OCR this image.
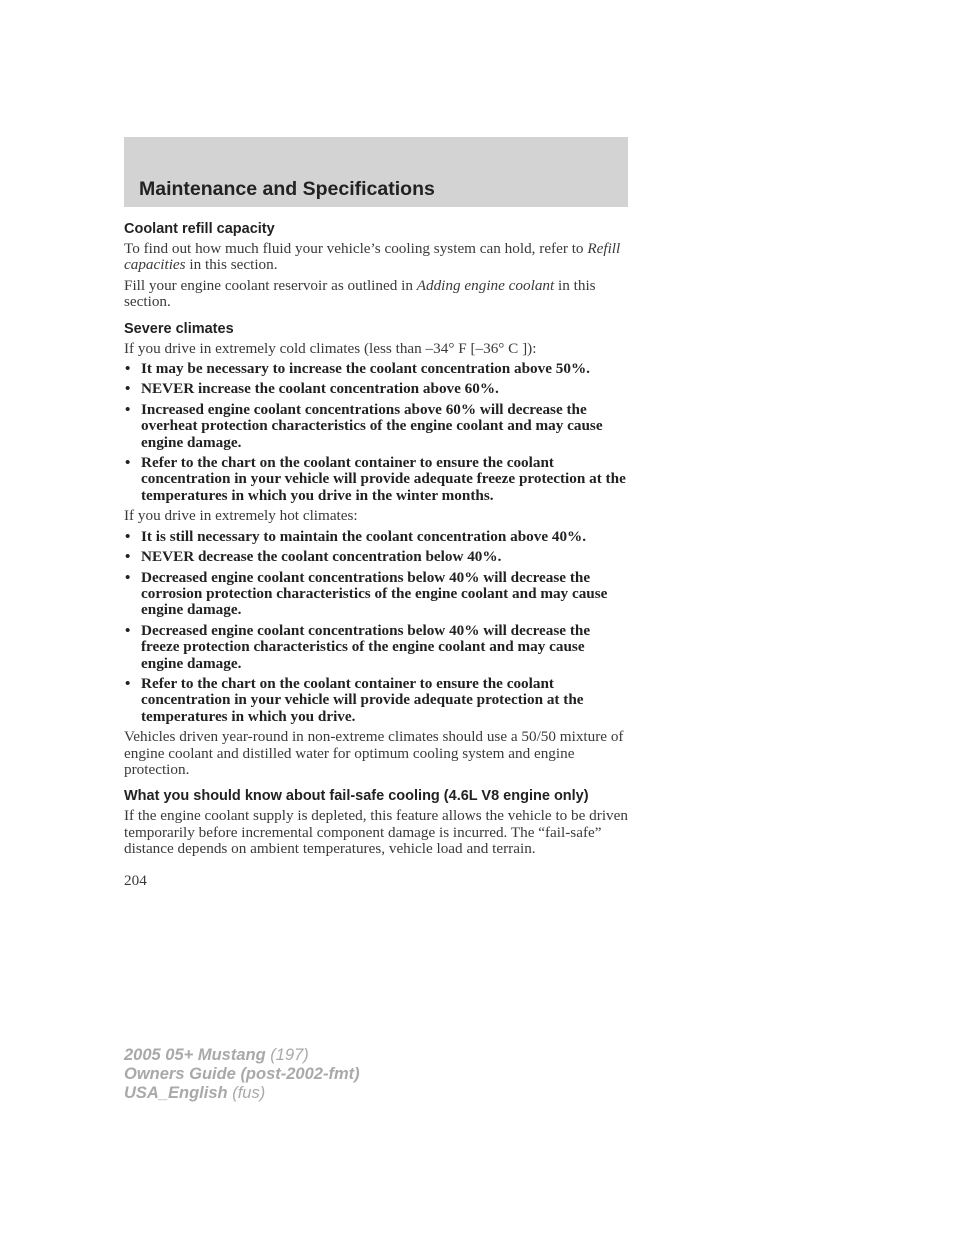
Maintenance and Specifications
Coolant refill capacity

To find out how much fluid your vehicle’s cooling system can hold, refer to Refill capacities in this section.

Fill your engine coolant reservoir as outlined in Adding engine coolant in this section.

Severe climates

If you drive in extremely cold climates (less than –34° F [–36° C ]):

• It may be necessary to increase the coolant concentration above 50%.
• NEVER increase the coolant concentration above 60%.
• Increased engine coolant concentrations above 60% will decrease the overheat protection characteristics of the engine coolant and may cause engine damage.
• Refer to the chart on the coolant container to ensure the coolant concentration in your vehicle will provide adequate freeze protection at the temperatures in which you drive in the winter months.

If you drive in extremely hot climates:

• It is still necessary to maintain the coolant concentration above 40%.
• NEVER decrease the coolant concentration below 40%.
• Decreased engine coolant concentrations below 40% will decrease the corrosion protection characteristics of the engine coolant and may cause engine damage.
• Decreased engine coolant concentrations below 40% will decrease the freeze protection characteristics of the engine coolant and may cause engine damage.
• Refer to the chart on the coolant container to ensure the coolant concentration in your vehicle will provide adequate protection at the temperatures in which you drive.

Vehicles driven year-round in non-extreme climates should use a 50/50 mixture of engine coolant and distilled water for optimum cooling system and engine protection.

What you should know about fail-safe cooling (4.6L V8 engine only)

If the engine coolant supply is depleted, this feature allows the vehicle to be driven temporarily before incremental component damage is incurred. The “fail-safe” distance depends on ambient temperatures, vehicle load and terrain.

204
2005 05+ Mustang (197)
Owners Guide (post-2002-fmt)
USA_English (fus)
